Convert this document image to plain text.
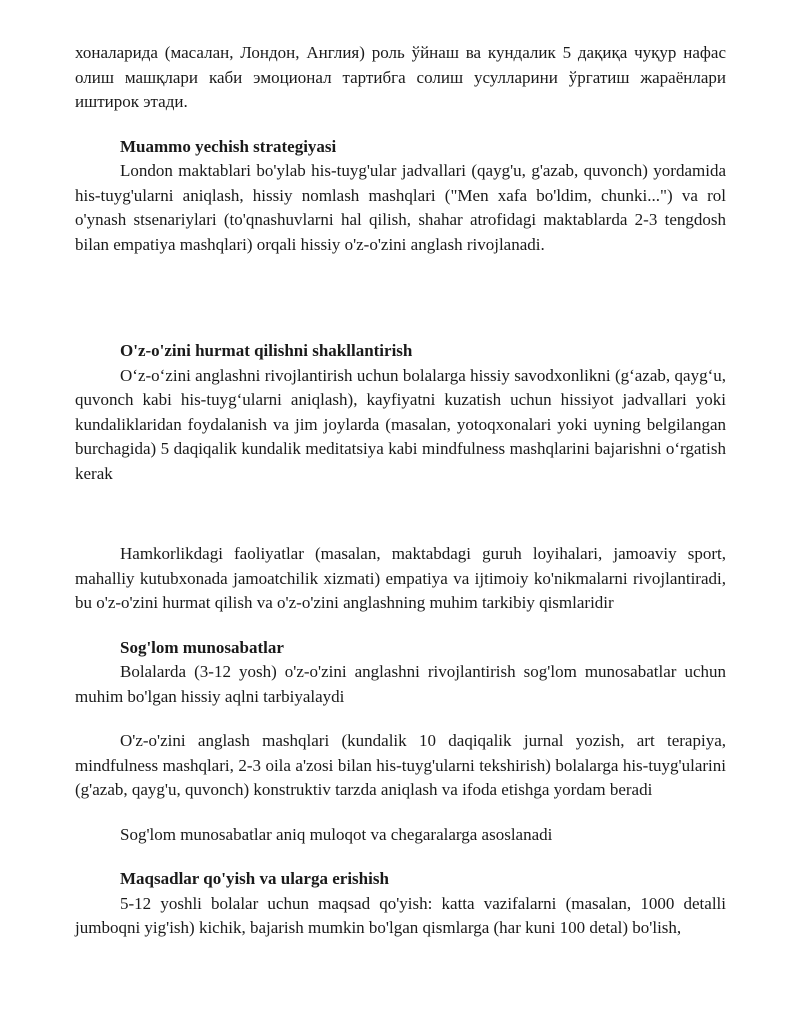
хоналарида (масалан, Лондон, Англия) роль ўйнаш ва кундалик 5 дақиқа чуқур нафас олиш машқлари каби эмоционал тартибга солиш усулларини ўргатиш жараёнлари иштирок этади.

Muammo yechish strategiyasi

London maktablari bo'ylab his-tuyg'ular jadvallari (qayg'u, g'azab, quvonch) yordamida his-tuyg'ularni aniqlash, hissiy nomlash mashqlari ("Men xafa bo'ldim, chunki...") va rol o'ynash stsenariylari (to'qnashuvlarni hal qilish, shahar atrofidagi maktablarda 2-3 tengdosh bilan empatiya mashqlari) orqali hissiy o'z-o'zini anglash rivojlanadi.

O'z-o'zini hurmat qilishni shakllantirish

O‘z-o‘zini anglashni rivojlantirish uchun bolalarga hissiy savodxonlikni (g‘azab, qayg‘u, quvonch kabi his-tuyg‘ularni aniqlash), kayfiyatni kuzatish uchun hissiyot jadvallari yoki kundaliklaridan foydalanish va jim joylarda (masalan, yotoqxonalari yoki uyning belgilangan burchagida) 5 daqiqalik kundalik meditatsiya kabi mindfulness mashqlarini bajarishni o‘rgatish kerak

Hamkorlikdagi faoliyatlar (masalan, maktabdagi guruh loyihalari, jamoaviy sport, mahalliy kutubxonada jamoatchilik xizmati) empatiya va ijtimoiy ko'nikmalarni rivojlantiradi, bu o'z-o'zini hurmat qilish va o'z-o'zini anglashning muhim tarkibiy qismlaridir

Sog'lom munosabatlar

Bolalarda (3-12 yosh) o'z-o'zini anglashni rivojlantirish sog'lom munosabatlar uchun muhim bo'lgan hissiy aqlni tarbiyalaydi

O'z-o'zini anglash mashqlari (kundalik 10 daqiqalik jurnal yozish, art terapiya, mindfulness mashqlari, 2-3 oila a'zosi bilan his-tuyg'ularni tekshirish) bolalarga his-tuyg'ularini (g'azab, qayg'u, quvonch) konstruktiv tarzda aniqlash va ifoda etishga yordam beradi

Sog'lom munosabatlar aniq muloqot va chegaralarga asoslanadi

Maqsadlar qo'yish va ularga erishish

5-12 yoshli bolalar uchun maqsad qo'yish: katta vazifalarni (masalan, 1000 detalli jumboqni yig'ish) kichik, bajarish mumkin bo'lgan qismlarga (har kuni 100 detal) bo'lish,
